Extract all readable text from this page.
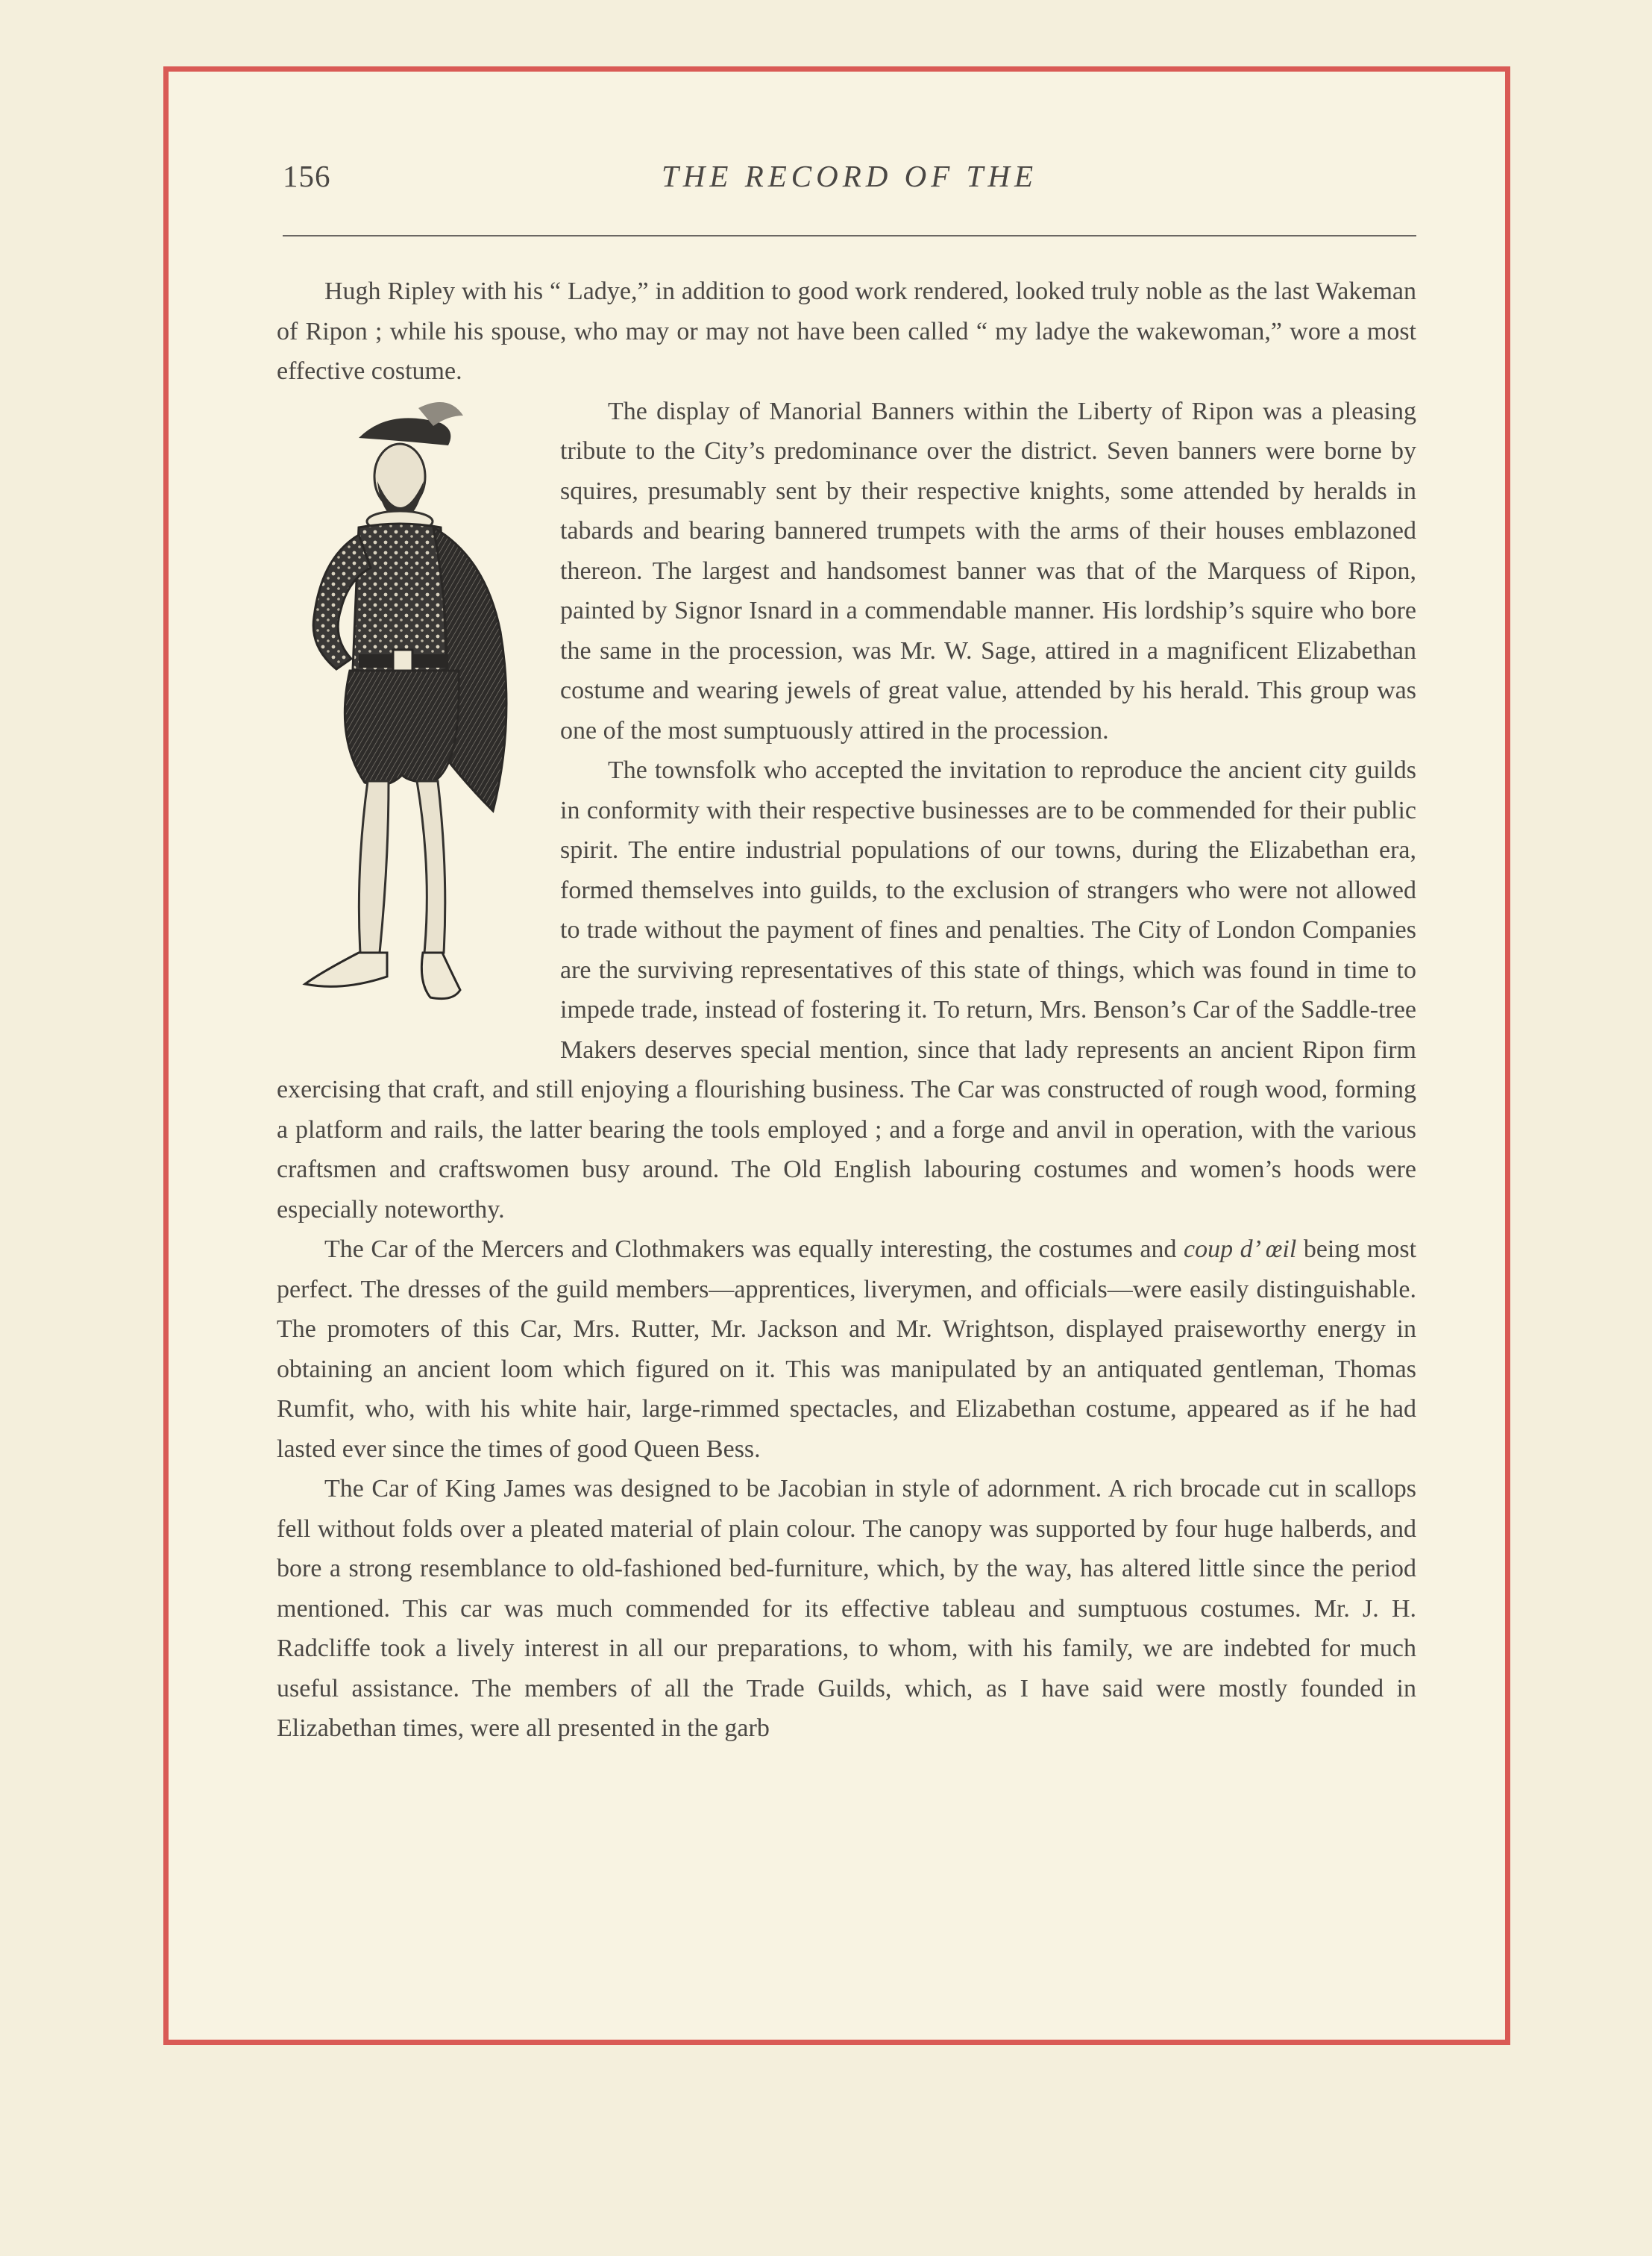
156	THE RECORD OF THE

Hugh Ripley with his “ Ladye,” in addition to good work rendered, looked truly noble as the last Wakeman of Ripon ; while his spouse, who may or may not have been called “ my ladye the wakewoman,” wore a most effective costume.

The display of Manorial Banners within the Liberty of Ripon was a pleasing tribute to the City’s predominance over the district. Seven banners were borne by squires, presumably sent by their respective knights, some attended by heralds in tabards and bearing bannered trumpets with the arms of their houses emblazoned thereon. The largest and handsomest banner was that of the Marquess of Ripon, painted by Signor Isnard in a commendable manner. His lordship’s squire who bore the same in the procession, was Mr. W. Sage, attired in a magnificent Elizabethan costume and wearing jewels of great value, attended by his herald. This group was one of the most sumptuously attired in the procession.

The townsfolk who accepted the invitation to reproduce the ancient city guilds in conformity with their respective businesses are to be commended for their public spirit. The entire industrial populations of our towns, during the Elizabethan era, formed themselves into guilds, to the exclusion of strangers who were not allowed to trade without the payment of fines and penalties. The City of London Companies are the surviving representatives of this state of things, which was found in time to impede trade, instead of fostering it. To return, Mrs. Benson’s Car of the Saddle-tree Makers deserves special mention, since that lady represents an ancient Ripon firm exercising that craft, and still enjoying a flourishing business. The Car was constructed of rough wood, forming a platform and rails, the latter bearing the tools employed ; and a forge and anvil in operation, with the various craftsmen and craftswomen busy around. The Old English labouring costumes and women’s hoods were especially noteworthy.

The Car of the Mercers and Clothmakers was equally interesting, the costumes and coup d’ œil being most perfect. The dresses of the guild members—apprentices, liverymen, and officials—were easily distinguishable. The promoters of this Car, Mrs. Rutter, Mr. Jackson and Mr. Wrightson, displayed praiseworthy energy in obtaining an ancient loom which figured on it. This was manipulated by an antiquated gentleman, Thomas Rumfit, who, with his white hair, large-rimmed spectacles, and Elizabethan costume, appeared as if he had lasted ever since the times of good Queen Bess.

The Car of King James was designed to be Jacobian in style of adornment. A rich brocade cut in scallops fell without folds over a pleated material of plain colour. The canopy was supported by four huge halberds, and bore a strong resemblance to old-fashioned bed-furniture, which, by the way, has altered little since the period mentioned. This car was much commended for its effective tableau and sumptuous costumes. Mr. J. H. Radcliffe took a lively interest in all our preparations, to whom, with his family, we are indebted for much useful assistance. The members of all the Trade Guilds, which, as I have said were mostly founded in Elizabethan times, were all presented in the garb
